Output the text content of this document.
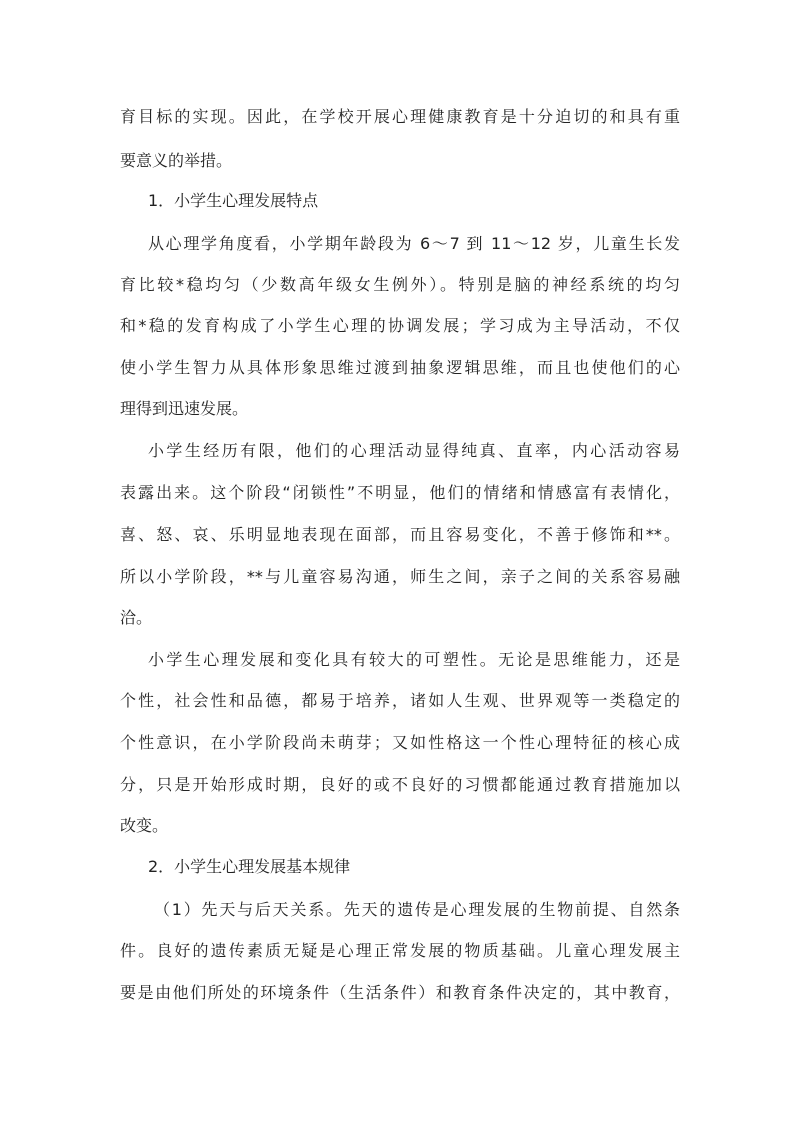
育目标的实现。因此，在学校开展心理健康教育是十分迫切的和具有重
要意义的举措。
1．小学生心理发展特点
从心理学角度看，小学期年龄段为 6～7 到 11～12 岁，儿童生长发
育比较*稳均匀（少数高年级女生例外）。特别是脑的神经系统的均匀
和*稳的发育构成了小学生心理的协调发展；学习成为主导活动，不仅
使小学生智力从具体形象思维过渡到抽象逻辑思维，而且也使他们的心
理得到迅速发展。
小学生经历有限，他们的心理活动显得纯真、直率，内心活动容易
表露出来。这个阶段“闭锁性”不明显，他们的情绪和情感富有表情化，
喜、怒、哀、乐明显地表现在面部，而且容易变化，不善于修饰和**。
所以小学阶段，**与儿童容易沟通，师生之间，亲子之间的关系容易融
洽。
小学生心理发展和变化具有较大的可塑性。无论是思维能力，还是
个性，社会性和品德，都易于培养，诸如人生观、世界观等一类稳定的
个性意识，在小学阶段尚未萌芽；又如性格这一个性心理特征的核心成
分，只是开始形成时期，良好的或不良好的习惯都能通过教育措施加以
改变。
2．小学生心理发展基本规律
（1）先天与后天关系。先天的遗传是心理发展的生物前提、自然条
件。良好的遗传素质无疑是心理正常发展的物质基础。儿童心理发展主
要是由他们所处的环境条件（生活条件）和教育条件决定的，其中教育，
